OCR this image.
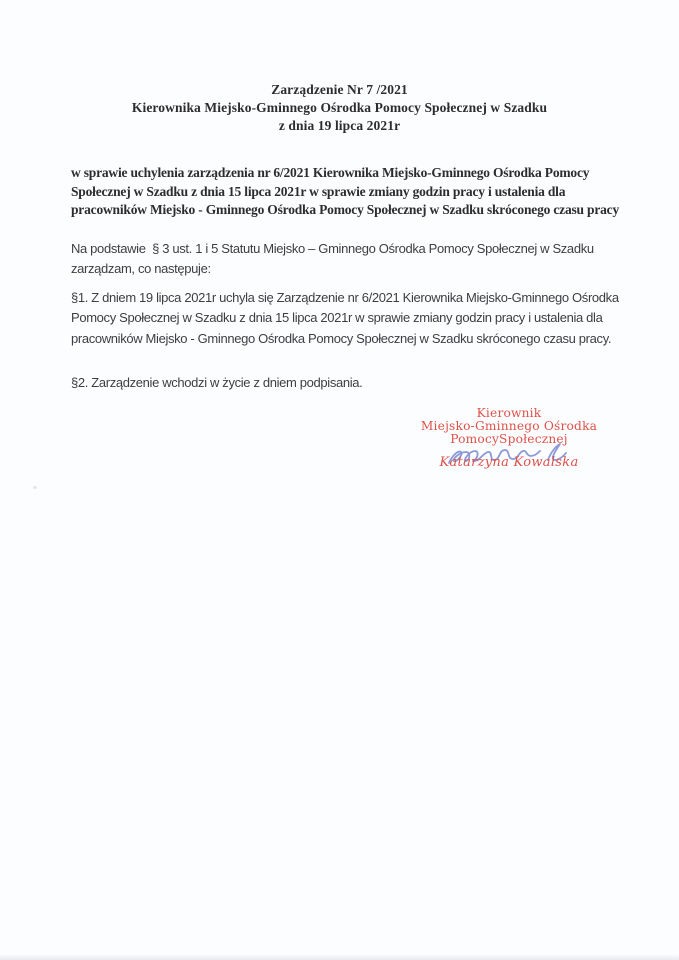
Zarządzenie Nr 7 /2021
Kierownika Miejsko-Gminnego Ośrodka Pomocy Społecznej w Szadku
z dnia 19 lipca 2021r
w sprawie uchylenia zarządzenia nr 6/2021 Kierownika Miejsko-Gminnego Ośrodka Pomocy Społecznej w Szadku z dnia 15 lipca 2021r w sprawie zmiany godzin pracy i ustalenia dla pracowników Miejsko - Gminnego Ośrodka Pomocy Społecznej w Szadku skróconego czasu pracy
Na podstawie  § 3 ust. 1 i 5 Statutu Miejsko – Gminnego Ośrodka Pomocy Społecznej w Szadku zarządzam, co następuje:
§1. Z dniem 19 lipca 2021r uchyla się Zarządzenie nr 6/2021 Kierownika Miejsko-Gminnego Ośrodka Pomocy Społecznej w Szadku z dnia 15 lipca 2021r w sprawie zmiany godzin pracy i ustalenia dla pracowników Miejsko - Gminnego Ośrodka Pomocy Społecznej w Szadku skróconego czasu pracy.
§2. Zarządzenie wchodzi w życie z dniem podpisania.
Kierownik
Miejsko-Gminnego Ośrodka
PomocySpołecznej
Katarzyna Kowalska
